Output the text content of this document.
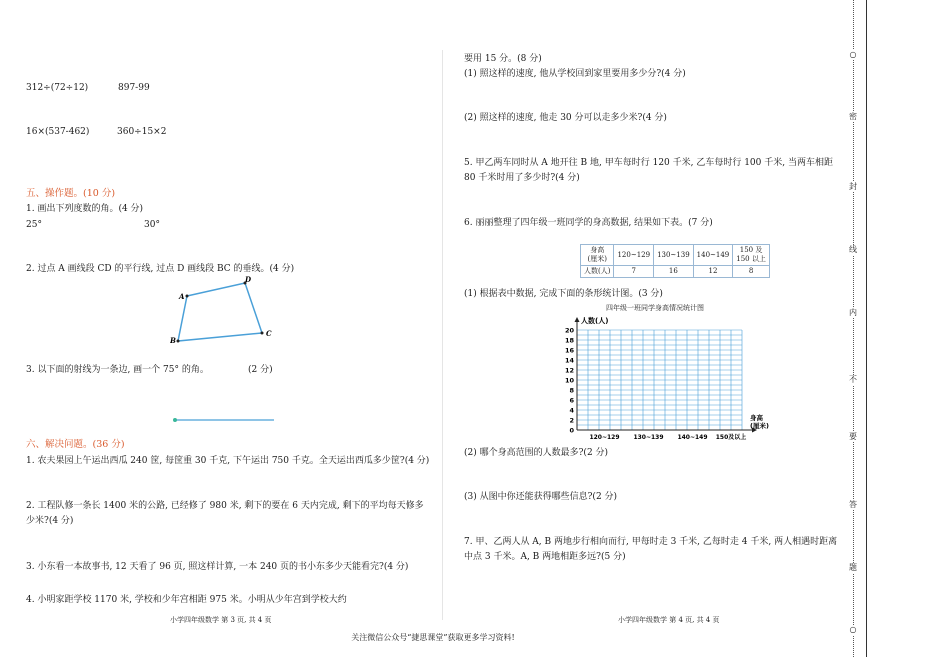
312÷(72÷12)	897-99
16×(537-462)	360÷15×2
五、操作题。(10 分)
1. 画出下列度数的角。(4 分)
25°	30°
2. 过点 A 画线段 CD 的平行线, 过点 D 画线段 BC 的垂线。(4 分)
A
D
C
B
3. 以下面的射线为一条边, 画一个 75° 的角。	(2 分)
六、解决问题。(36 分)
1. 农夫果园上午运出西瓜 240 筐, 每筐重 30 千克, 下午运出 750 千克。全天运出西瓜多少筐?(4 分)
2. 工程队修一条长 1400 米的公路, 已经修了 980 米, 剩下的要在 6 天内完成, 剩下的平均每天修多少米?(4 分)
3. 小东看一本故事书, 12 天看了 96 页, 照这样计算, 一本 240 页的书小东多少天能看完?(4 分)
4. 小明家距学校 1170 米, 学校和少年宫相距 975 米。小明从少年宫到学校大约
小学四年级数学 第 3 页, 共 4 页
要用 15 分。(8 分)
(1) 照这样的速度, 他从学校回到家里要用多少分?(4 分)
(2) 照这样的速度, 他走 30 分可以走多少米?(4 分)
5. 甲乙两车同时从 A 地开往 B 地, 甲车每时行 120 千米, 乙车每时行 100 千米, 当两车相距 80 千米时用了多少时?(4 分)
6. 丽丽整理了四年级一班同学的身高数据, 结果如下表。(7 分)
身高
(厘米)	120~129	130~139	140~149	150 及
150 以上
人数(人)	7	16	12	8
(1) 根据表中数据, 完成下面的条形统计图。(3 分)
四年级一班同学身高情况统计图
0
2
4
6
8
10
12
14
16
18
20
人数(人)
身高
(厘米)
120~129 130~139 140~149 150及以上
(2) 哪个身高范围的人数最多?(2 分)
(3) 从图中你还能获得哪些信息?(2 分)
7. 甲、乙两人从 A, B 两地步行相向而行, 甲每时走 3 千米, 乙每时走 4 千米, 两人相遇时距离中点 3 千米。A, B 两地相距多远?(5 分)
小学四年级数学 第 4 页, 共 4 页
关注微信公众号“捷思课堂”获取更多学习资料!
○
密
封
线
内
不
要
答
题
○
